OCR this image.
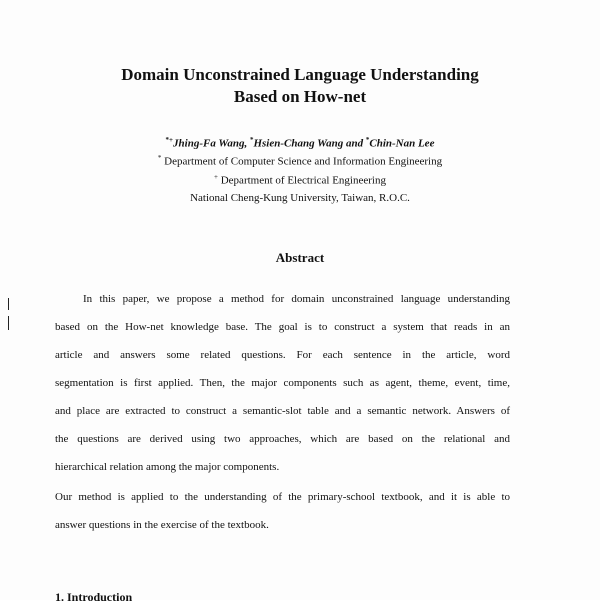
Domain Unconstrained Language Understanding
Based on How-net
*+Jhing-Fa Wang, *Hsien-Chang Wang and *Chin-Nan Lee
* Department of Computer Science and Information Engineering
+ Department of Electrical Engineering
National Cheng-Kung University, Taiwan, R.O.C.
Abstract
In this paper, we propose a method for domain unconstrained language understanding
based on the How-net knowledge base. The goal is to construct a system that reads in an
article and answers some related questions. For each sentence in the article, word
segmentation is first applied. Then, the major components such as agent, theme, event, time,
and place are extracted to construct a semantic-slot table and a semantic network. Answers of
the questions are derived using two approaches, which are based on the relational and
hierarchical relation among the major components.
Our method is applied to the understanding of the primary-school textbook, and it is able to
answer questions in the exercise of the textbook.
1. Introduction
